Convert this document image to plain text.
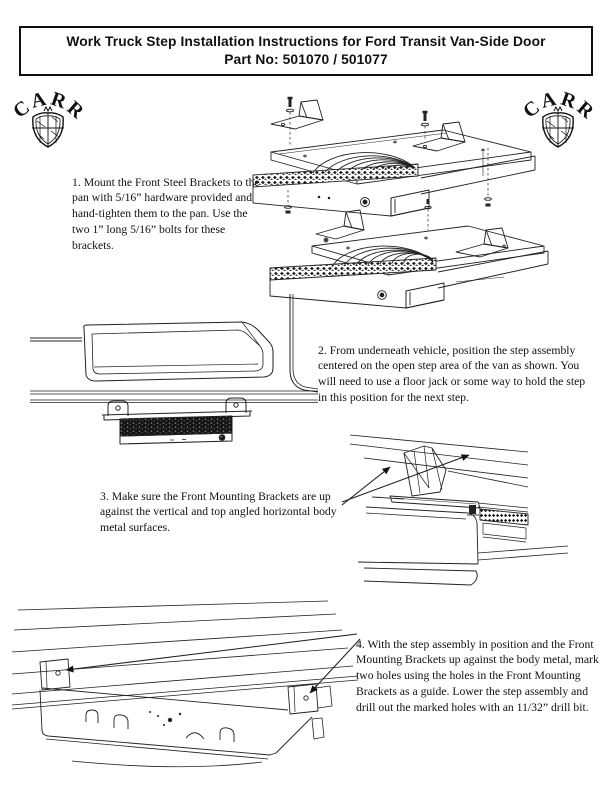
Work Truck Step Installation Instructions for Ford Transit Van-Side Door
Part No: 501070 / 501077
CARR	CARR

1. Mount the Front Steel Brackets to the pan with 5/16” hardware provided and hand-tighten them to the pan. Use the two 1” long 5/16” bolts for these brackets.

2. From underneath vehicle, position the step assembly centered on the open step area of the van as shown. You will need to use a floor jack or some way to hold the step in this position for the next step.

3. Make sure the Front Mounting Brackets are up against the vertical and top angled horizontal body metal surfaces.

4. With the step assembly in position and the Front Mounting Brackets up against the body metal, mark two holes using the holes in the Front Mounting Brackets as a guide. Lower the step assembly and drill out the marked holes with an 11/32” drill bit.
